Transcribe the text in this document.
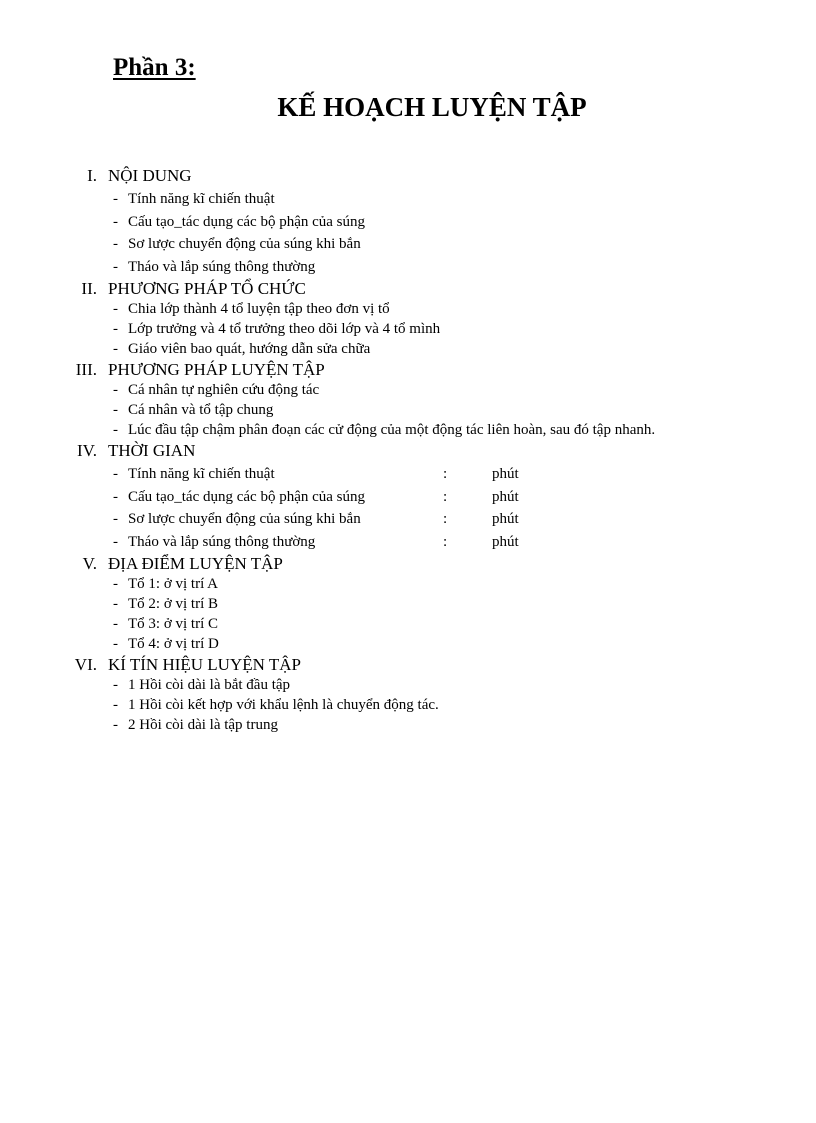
Phần 3:
KẾ HOẠCH LUYỆN TẬP
I. NỘI DUNG
- Tính năng kĩ chiến thuật
- Cấu tạo_tác dụng các bộ phận của súng
- Sơ lược chuyển động của súng khi bắn
- Tháo và lắp súng thông thường
II. PHƯƠNG PHÁP TỔ CHỨC
- Chia lớp thành 4 tổ luyện tập theo đơn vị tổ
- Lớp trưởng và 4 tổ trưởng theo dõi lớp và 4 tổ mình
- Giáo viên bao quát, hướng dẫn sửa chữa
III. PHƯƠNG PHÁP LUYỆN TẬP
- Cá nhân tự nghiên cứu động tác
- Cá nhân và tổ tập chung
- Lúc đầu tập chậm phân đoạn các cử động của một động tác liên hoàn, sau đó tập nhanh.
IV. THỜI GIAN
- Tính năng kĩ chiến thuật	:	phút
- Cấu tạo_tác dụng các bộ phận của súng	:	phút
- Sơ lược chuyển động của súng khi bắn	:	phút
- Tháo và lắp súng thông thường	:	phút
V. ĐỊA ĐIỂM LUYỆN TẬP
- Tổ 1: ở vị trí A
- Tổ 2: ở vị trí B
- Tổ 3: ở vị trí C
- Tổ 4: ở vị trí D
VI. KÍ TÍN HIỆU LUYỆN TẬP
- 1 Hồi còi dài là bắt đầu tập
- 1 Hồi còi kết hợp với khẩu lệnh là chuyển động tác.
- 2 Hồi còi dài là tập trung
